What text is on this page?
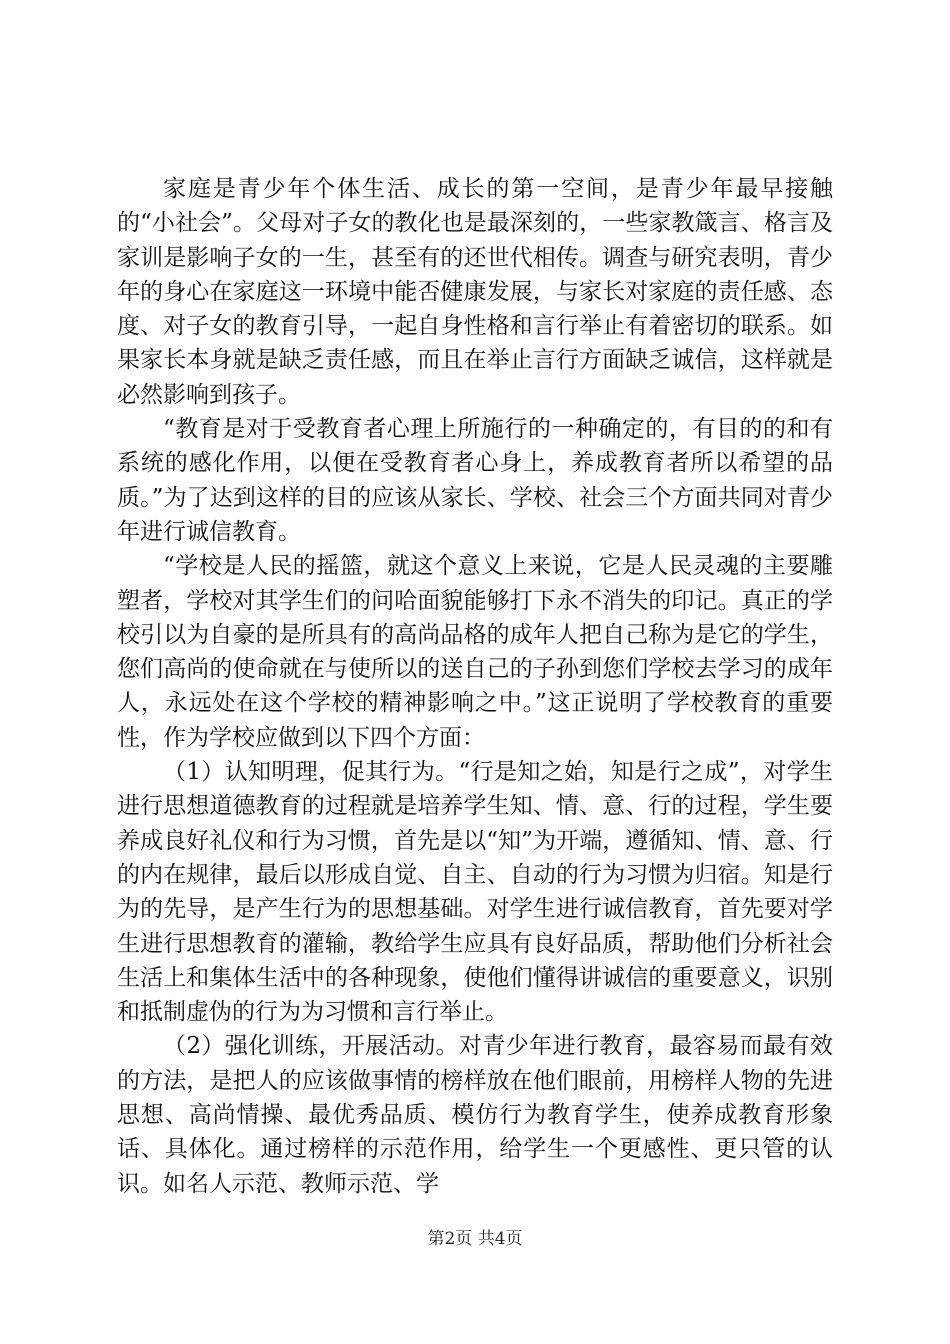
家庭是青少年个体生活、成长的第一空间，是青少年最早接触的“小社会”。父母对子女的教化也是最深刻的，一些家教箴言、格言及家训是影响子女的一生，甚至有的还世代相传。调查与研究表明，青少年的身心在家庭这一环境中能否健康发展，与家长对家庭的责任感、态度、对子女的教育引导，一起自身性格和言行举止有着密切的联系。如果家长本身就是缺乏责任感，而且在举止言行方面缺乏诚信，这样就是必然影响到孩子。

“教育是对于受教育者心理上所施行的一种确定的，有目的的和有系统的感化作用，以便在受教育者心身上，养成教育者所以希望的品质。”为了达到这样的目的应该从家长、学校、社会三个方面共同对青少年进行诚信教育。

“学校是人民的摇篮，就这个意义上来说，它是人民灵魂的主要雕塑者，学校对其学生们的问哈面貌能够打下永不消失的印记。真正的学校引以为自豪的是所具有的高尚品格的成年人把自己称为是它的学生，您们高尚的使命就在与使所以的送自己的子孙到您们学校去学习的成年人，永远处在这个学校的精神影响之中。”这正说明了学校教育的重要性，作为学校应做到以下四个方面：

（1）认知明理，促其行为。“行是知之始，知是行之成”，对学生进行思想道德教育的过程就是培养学生知、情、意、行的过程，学生要养成良好礼仪和行为习惯，首先是以“知”为开端，遵循知、情、意、行的内在规律，最后以形成自觉、自主、自动的行为习惯为归宿。知是行为的先导，是产生行为的思想基础。对学生进行诚信教育，首先要对学生进行思想教育的灌输，教给学生应具有良好品质，帮助他们分析社会生活上和集体生活中的各种现象，使他们懂得讲诚信的重要意义，识别和抵制虚伪的行为为习惯和言行举止。

（2）强化训练，开展活动。对青少年进行教育，最容易而最有效的方法，是把人的应该做事情的榜样放在他们眼前，用榜样人物的先进思想、高尚情操、最优秀品质、模仿行为教育学生，使养成教育形象话、具体化。通过榜样的示范作用，给学生一个更感性、更只管的认识。如名人示范、教师示范、学

第2页 共4页
